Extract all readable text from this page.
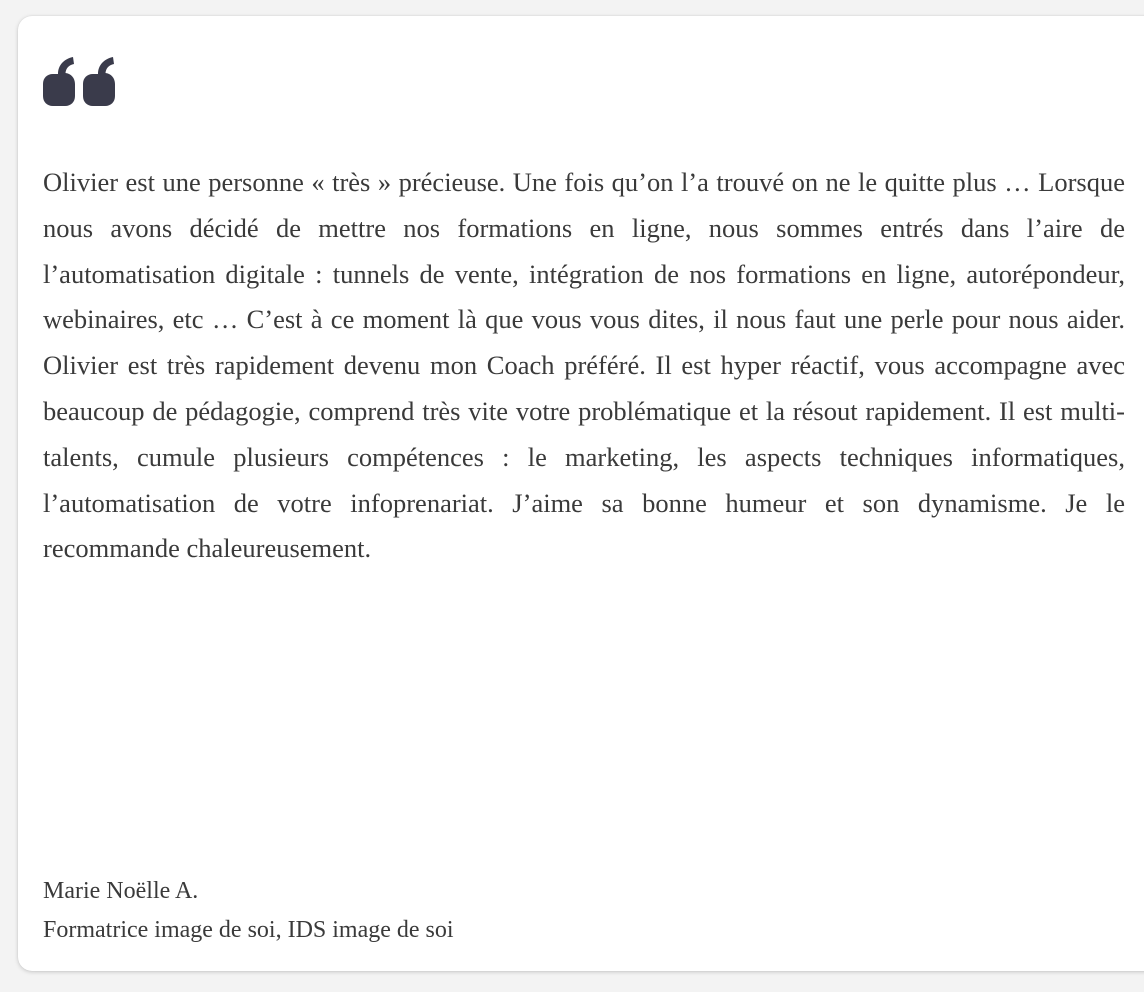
Olivier est une personne « très » précieuse. Une fois qu’on l’a trouvé on ne le quitte plus … Lorsque nous avons décidé de mettre nos formations en ligne, nous sommes entrés dans l’aire de l’automatisation digitale : tunnels de vente, intégration de nos formations en ligne, autorépondeur, webinaires, etc … C’est à ce moment là que vous vous dites, il nous faut une perle pour nous aider. Olivier est très rapidement devenu mon Coach préféré. Il est hyper réactif, vous accompagne avec beaucoup de pédagogie, comprend très vite votre problématique et la résout rapidement. Il est multi-talents, cumule plusieurs compétences : le marketing, les aspects techniques informatiques, l’automatisation de votre infoprenariat. J’aime sa bonne humeur et son dynamisme. Je le recommande chaleureusement.

Marie Noëlle A.

Formatrice image de soi, IDS image de soi
